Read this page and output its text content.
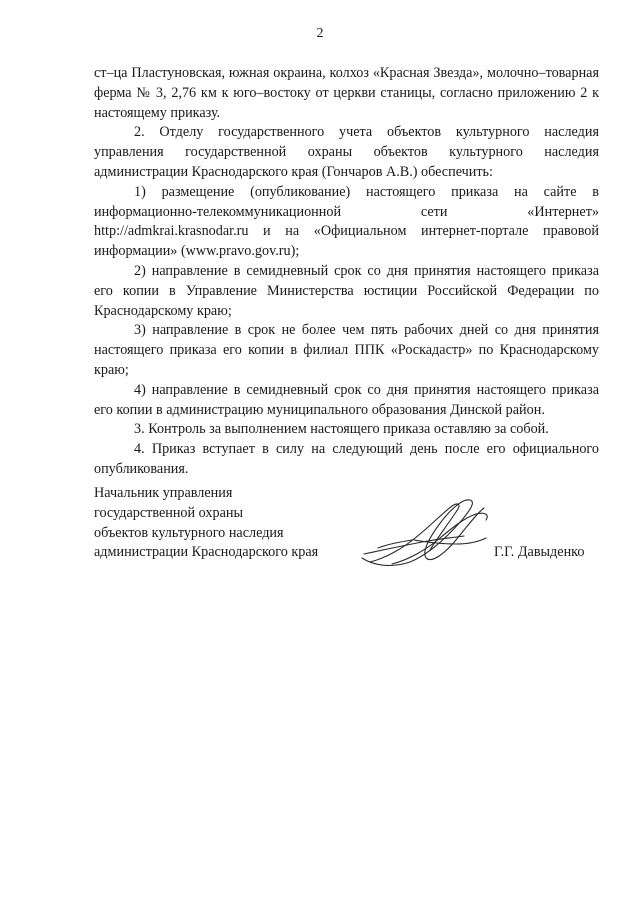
2

ст–ца Пластуновская, южная окраина, колхоз «Красная Звезда», молочно–товарная ферма № 3, 2,76 км к юго–востоку от церкви станицы, согласно приложению 2 к настоящему приказу.

2. Отделу государственного учета объектов культурного наследия управления государственной охраны объектов культурного наследия администрации Краснодарского края (Гончаров А.В.) обеспечить:

1) размещение (опубликование) настоящего приказа на сайте в информационно-телекоммуникационной сети «Интернет» http://admkrai.krasnodar.ru и на «Официальном интернет-портале правовой информации» (www.pravo.gov.ru);

2) направление в семидневный срок со дня принятия настоящего приказа его копии в Управление Министерства юстиции Российской Федерации по Краснодарскому краю;

3) направление в срок не более чем пять рабочих дней со дня принятия настоящего приказа его копии в филиал ППК «Роскадастр» по Краснодарскому краю;

4) направление в семидневный срок со дня принятия настоящего приказа его копии в администрацию муниципального образования Динской район.

3. Контроль за выполнением настоящего приказа оставляю за собой.

4. Приказ вступает в силу на следующий день после его официального опубликования.

Начальник управления
государственной охраны
объектов культурного наследия
администрации Краснодарского края	Г.Г. Давыденко
